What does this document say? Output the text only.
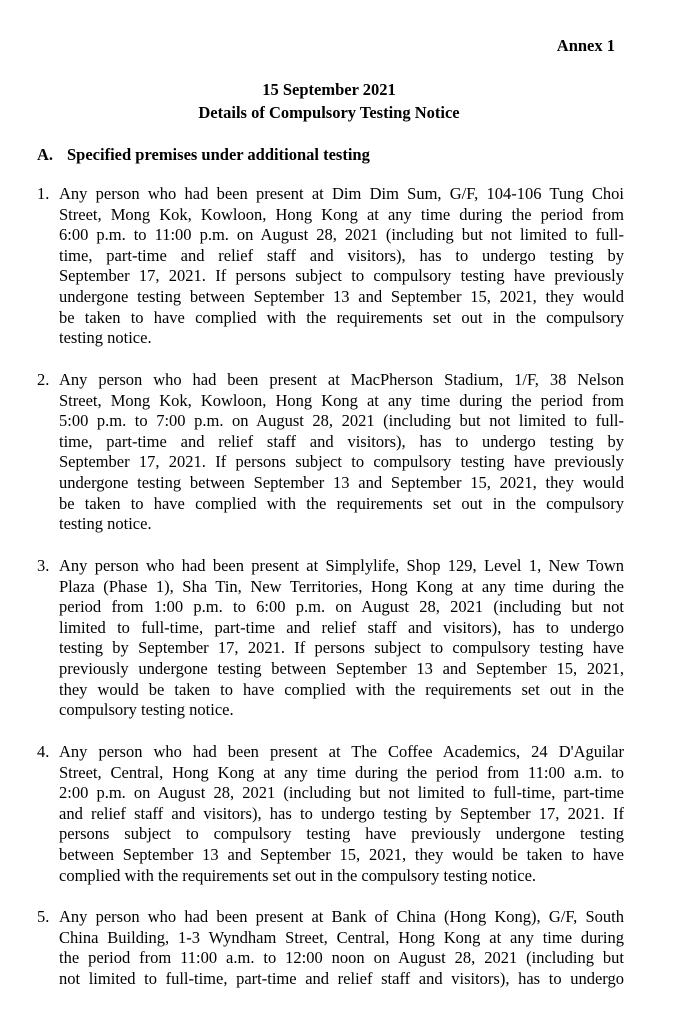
Annex 1

15 September 2021

Details of Compulsory Testing Notice

A. Specified premises under additional testing

1. Any person who had been present at Dim Dim Sum, G/F, 104-106 Tung Choi
Street, Mong Kok, Kowloon, Hong Kong at any time during the period from
6:00 p.m. to 11:00 p.m. on August 28, 2021 (including but not limited to full-
time, part-time and relief staff and visitors), has to undergo testing by
September 17, 2021. If persons subject to compulsory testing have previously
undergone testing between September 13 and September 15, 2021, they would
be taken to have complied with the requirements set out in the compulsory
testing notice.
2. Any person who had been present at MacPherson Stadium, 1/F, 38 Nelson
Street, Mong Kok, Kowloon, Hong Kong at any time during the period from
5:00 p.m. to 7:00 p.m. on August 28, 2021 (including but not limited to full-
time, part-time and relief staff and visitors), has to undergo testing by
September 17, 2021. If persons subject to compulsory testing have previously
undergone testing between September 13 and September 15, 2021, they would
be taken to have complied with the requirements set out in the compulsory
testing notice.
3. Any person who had been present at Simplylife, Shop 129, Level 1, New Town
Plaza (Phase 1), Sha Tin, New Territories, Hong Kong at any time during the
period from 1:00 p.m. to 6:00 p.m. on August 28, 2021 (including but not
limited to full-time, part-time and relief staff and visitors), has to undergo
testing by September 17, 2021. If persons subject to compulsory testing have
previously undergone testing between September 13 and September 15, 2021,
they would be taken to have complied with the requirements set out in the
compulsory testing notice.
4. Any person who had been present at The Coffee Academics, 24 D'Aguilar
Street, Central, Hong Kong at any time during the period from 11:00 a.m. to
2:00 p.m. on August 28, 2021 (including but not limited to full-time, part-time
and relief staff and visitors), has to undergo testing by September 17, 2021. If
persons subject to compulsory testing have previously undergone testing
between September 13 and September 15, 2021, they would be taken to have
complied with the requirements set out in the compulsory testing notice.
5. Any person who had been present at Bank of China (Hong Kong), G/F, South
China Building, 1-3 Wyndham Street, Central, Hong Kong at any time during
the period from 11:00 a.m. to 12:00 noon on August 28, 2021 (including but
not limited to full-time, part-time and relief staff and visitors), has to undergo
